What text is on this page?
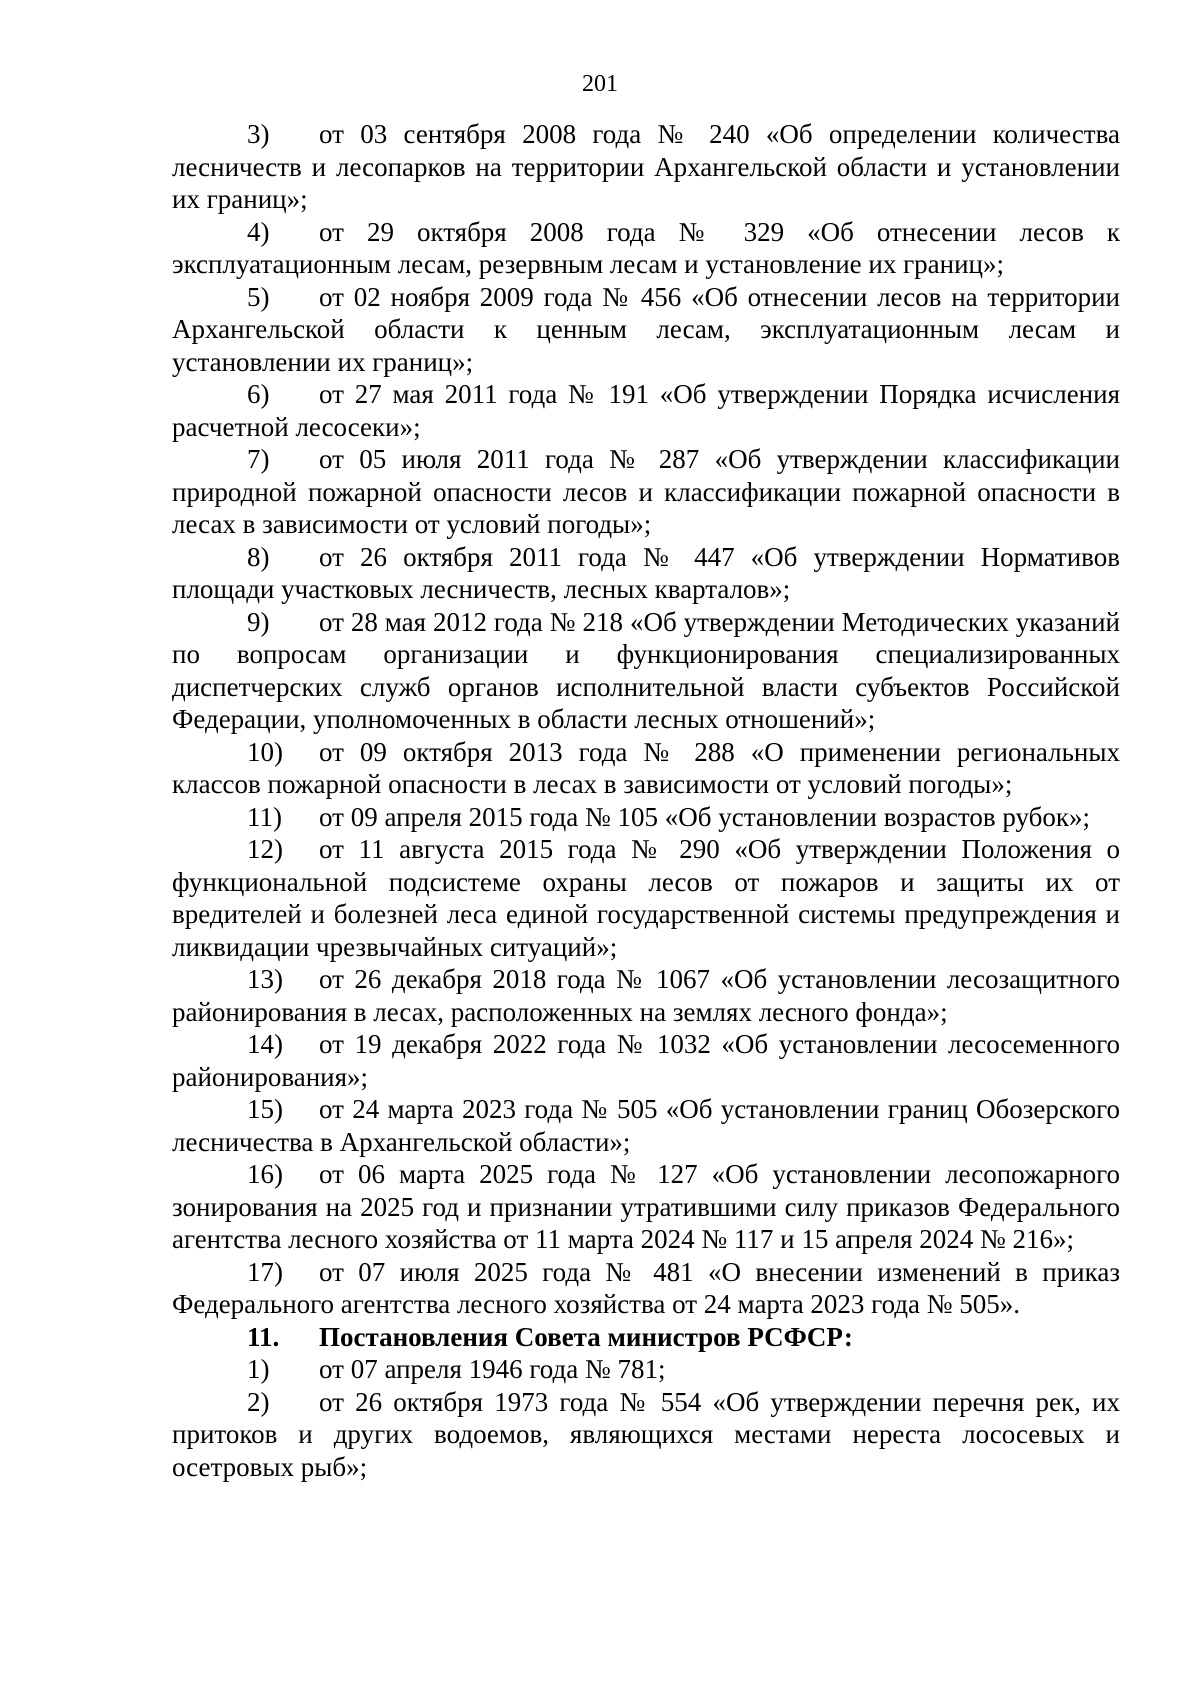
201

3) от 03 сентября 2008 года № 240 «Об определении количества лесничеств и лесопарков на территории Архангельской области и установлении их границ»;

4) от 29 октября 2008 года № 329 «Об отнесении лесов к эксплуатационным лесам, резервным лесам и установление их границ»;

5) от 02 ноября 2009 года № 456 «Об отнесении лесов на территории Архангельской области к ценным лесам, эксплуатационным лесам и установлении их границ»;

6) от 27 мая 2011 года № 191 «Об утверждении Порядка исчисления расчетной лесосеки»;

7) от 05 июля 2011 года № 287 «Об утверждении классификации природной пожарной опасности лесов и классификации пожарной опасности в лесах в зависимости от условий погоды»;

8) от 26 октября 2011 года № 447 «Об утверждении Нормативов площади участковых лесничеств, лесных кварталов»;

9) от 28 мая 2012 года № 218 «Об утверждении Методических указаний по вопросам организации и функционирования специализированных диспетчерских служб органов исполнительной власти субъектов Российской Федерации, уполномоченных в области лесных отношений»;

10) от 09 октября 2013 года № 288 «О применении региональных классов пожарной опасности в лесах в зависимости от условий погоды»;

11) от 09 апреля 2015 года № 105 «Об установлении возрастов рубок»;

12) от 11 августа 2015 года № 290 «Об утверждении Положения о функциональной подсистеме охраны лесов от пожаров и защиты их от вредителей и болезней леса единой государственной системы предупреждения и ликвидации чрезвычайных ситуаций»;

13) от 26 декабря 2018 года № 1067 «Об установлении лесозащитного районирования в лесах, расположенных на землях лесного фонда»;

14) от 19 декабря 2022 года № 1032 «Об установлении лесосеменного районирования»;

15) от 24 марта 2023 года № 505 «Об установлении границ Обозерского лесничества в Архангельской области»;

16) от 06 марта 2025 года № 127 «Об установлении лесопожарного зонирования на 2025 год и признании утратившими силу приказов Федерального агентства лесного хозяйства от 11 марта 2024 № 117 и 15 апреля 2024 № 216»;

17) от 07 июля 2025 года № 481 «О внесении изменений в приказ Федерального агентства лесного хозяйства от 24 марта 2023 года № 505».

11. Постановления Совета министров РСФСР:

1) от 07 апреля 1946 года № 781;

2) от 26 октября 1973 года № 554 «Об утверждении перечня рек, их притоков и других водоемов, являющихся местами нереста лососевых и осетровых рыб»;
